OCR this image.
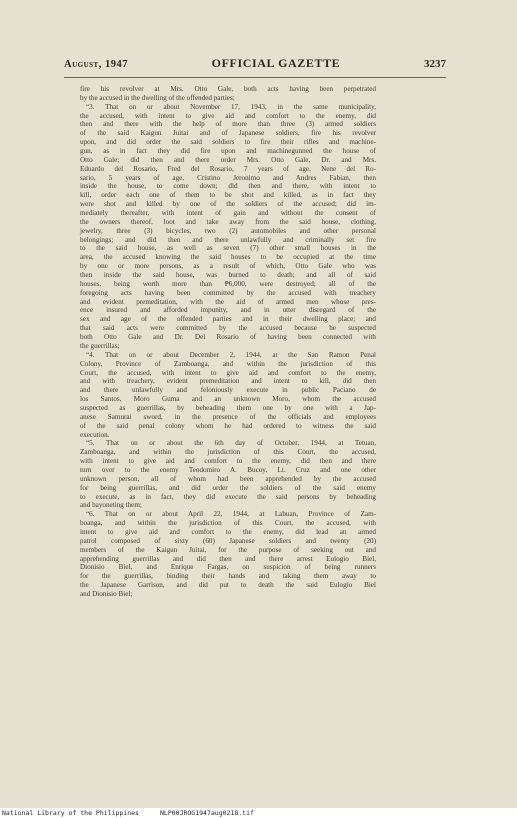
August, 1947	OFFICIAL GAZETTE	3237
fire his revolver at Mrs. Otto Gale, both acts having been perpetrated
by the accused in the dwelling of the offended parties;
“3. That on or about November 17, 1943, in the same municipality,
the accused, with intent to give aid and comfort to the enemy, did
then and there with the help of more than three (3) armed soldiers
of the said Kaigun Juitai and of Japanese soldiers, fire his revolver
upon, and did order the said soldiers to fire their rifles and machine-
gun, as in fact they did fire upon and machinegunned the house of
Otto Gale; did then and there order Mrs. Otto Gale, Dr. and Mrs.
Eduardo del Rosario, Fred del Rosario, 7 years of age, Nene del Ro-
sario, 5 years of age, Cristino Jeronimo and Andres Fabian, then
inside the house, to come down; did then and there, with intent to
kill, order each one of them to be shot and killed, as in fact they
were shot and killed by one of the soldiers of the accused; did im-
mediately thereafter, with intent of gain and without the consent of
the owners thereof, loot and take away from the said house, clothing,
jewelry, three (3) bicycles, two (2) automobiles and other personal
belongings; and did then and there unlawfully and criminally set fire
to the said house, as well as seven (7) other small houses in the
area, the accused knowing the said houses to be occupied at the time
by one or more persons, as a result of which, Otto Gale who was
then inside the said house, was burned to death; and all of said
houses, being worth more than ₱6,000, were destroyed; all of the
foregoing acts having been committed by the accused with treachery
and evident premeditation, with the aid of armed men whose pres-
ence insured and afforded impunity, and in utter disregard of the
sex and age of the offended parties and in their dwelling place; and
that said acts were committed by the accused because he suspected
both Otto Gale and Dr. Del Rosario of having been connected with
the guerrillas;
“4. That on or about December 2, 1944, at the San Ramon Penal
Colony, Province of Zamboanga, and within the jurisdiction of this
Court, the accused, with intent to give aid and comfort to the enemy,
and with treachery, evident premeditation and intent to kill, did then
and there unlawfully and feloniously execute in public Paciano de
los Santos, Moro Guma and an unknown Moro, whom the accused
suspected as guerrillas, by beheading them one by one with a Jap-
anese Samurai sword, in the presence of the officials and employees
of the said penal colony whom he had ordered to witness the said
execution.
“5. That on or about the 6th day of October, 1944, at Tetuan,
Zamboanga, and within the jurisdiction of this Court, the accused,
with intent to give aid and comfort to the enemy, did then and there
turn over to the enemy Teodomiro A. Bucoy, Lt. Cruz and one other
unknown person, all of whom had been apprehended by the accused
for being guerrillas, and did order the soldiers of the said enemy
to execute, as in fact, they did execute the said persons by beheading
and bayoneting them;
“6. That on or about April 22, 1944, at Labuan, Province of Zam-
boanga, and within the jurisdiction of this Court, the accused, with
intent to give aid and comfort to the enemy, did lead an armed
patrol composed of sixty (60) Japanese soldiers and twenty (20)
members of the Kaigun Juitai, for the purpose of seeking out and
apprehending guerrillas and did then and there arrest Eulogio Biel,
Dionisio Biel, and Enrique Fargas, on suspicion of being runners
for the guerrillas, binding their hands and taking them away to
the Japanese Garrison, and did put to death the said Eulogio Biel
and Dionisio Biel;
National Library of the Philippines	NLP00JROG1947aug0218.tif
